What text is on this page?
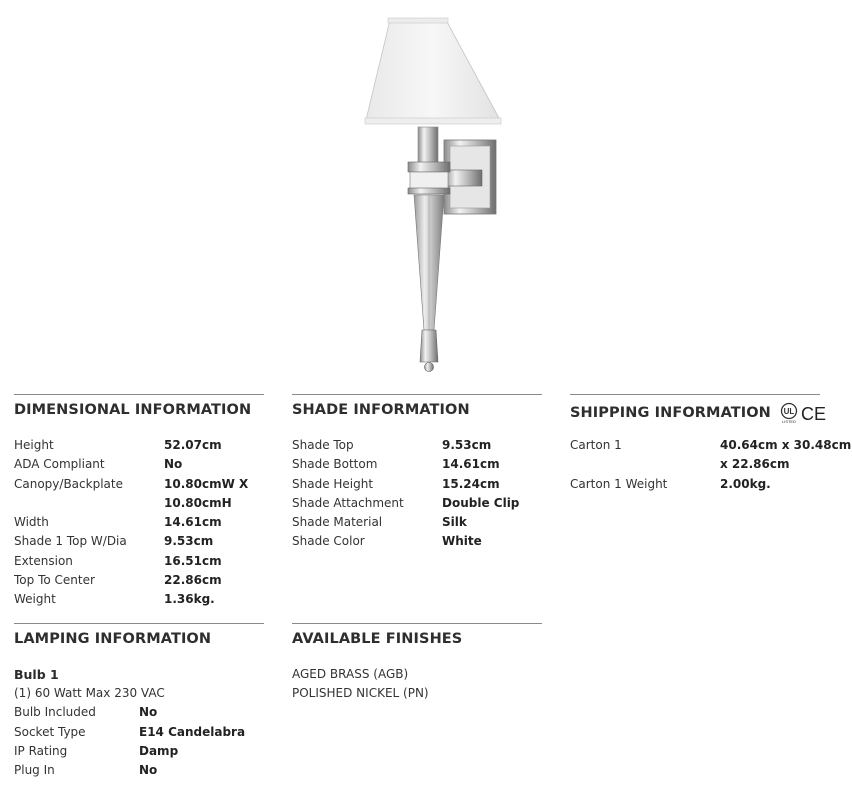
DIMENSIONAL INFORMATION
Height	52.07cm
ADA Compliant	No
Canopy/Backplate	10.80cmW X
10.80cmH
Width	14.61cm
Shade 1 Top W/Dia	9.53cm
Extension	16.51cm
Top To Center	22.86cm
Weight	1.36kg.
SHADE INFORMATION
Shade Top	9.53cm
Shade Bottom	14.61cm
Shade Height	15.24cm
Shade Attachment	Double Clip
Shade Material	Silk
Shade Color	White
SHIPPING INFORMATION UL
LISTED CE
Carton 1	40.64cm x 30.48cm
x 22.86cm
Carton 1 Weight	2.00kg.
LAMPING INFORMATION
Bulb 1
(1) 60 Watt Max 230 VAC
Bulb Included	No
Socket Type	E14 Candelabra
IP Rating	Damp
Plug In	No
AVAILABLE FINISHES
AGED BRASS (AGB)
POLISHED NICKEL (PN)
